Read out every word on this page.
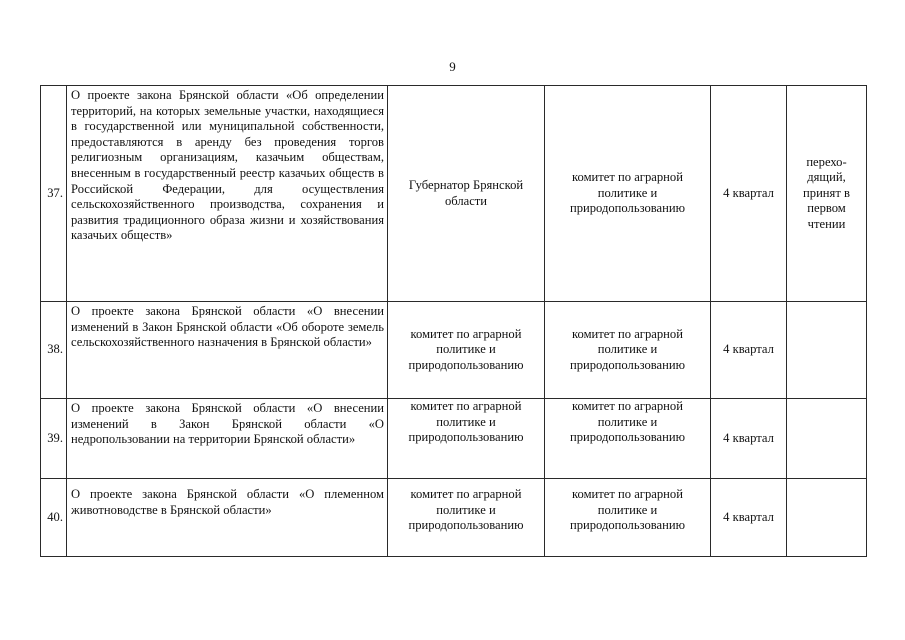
9
37.	О проекте закона Брянской области «Об определении территорий, на которых земельные участки, находящиеся в государственной или муниципальной собственности, предоставляются в аренду без проведения торгов религиозным организациям, казачьим обществам, внесенным в государственный реестр казачьих обществ в Российской Федерации, для осуществления сельскохозяйственного производства, сохранения и развития традиционного образа жизни и хозяйствования казачьих обществ»	Губернатор Брянской области	комитет по аграрной политике и природопользованию	4 квартал	перехо-дящий, принят в первом чтении
38.	О проекте закона Брянской области «О внесении изменений в Закон Брянской области «Об обороте земель сельскохозяйственного назначения в Брянской области»	комитет по аграрной политике и природопользованию	комитет по аграрной политике и природопользованию	4 квартал	
39.	О проекте закона Брянской области «О внесении изменений в Закон Брянской области «О недропользовании на территории Брянской области»	комитет по аграрной политике и природопользованию	комитет по аграрной политике и природопользованию	4 квартал	
40.	О проекте закона Брянской области «О племенном животноводстве в Брянской области»	комитет по аграрной политике и природопользованию	комитет по аграрной политике и природопользованию	4 квартал	
